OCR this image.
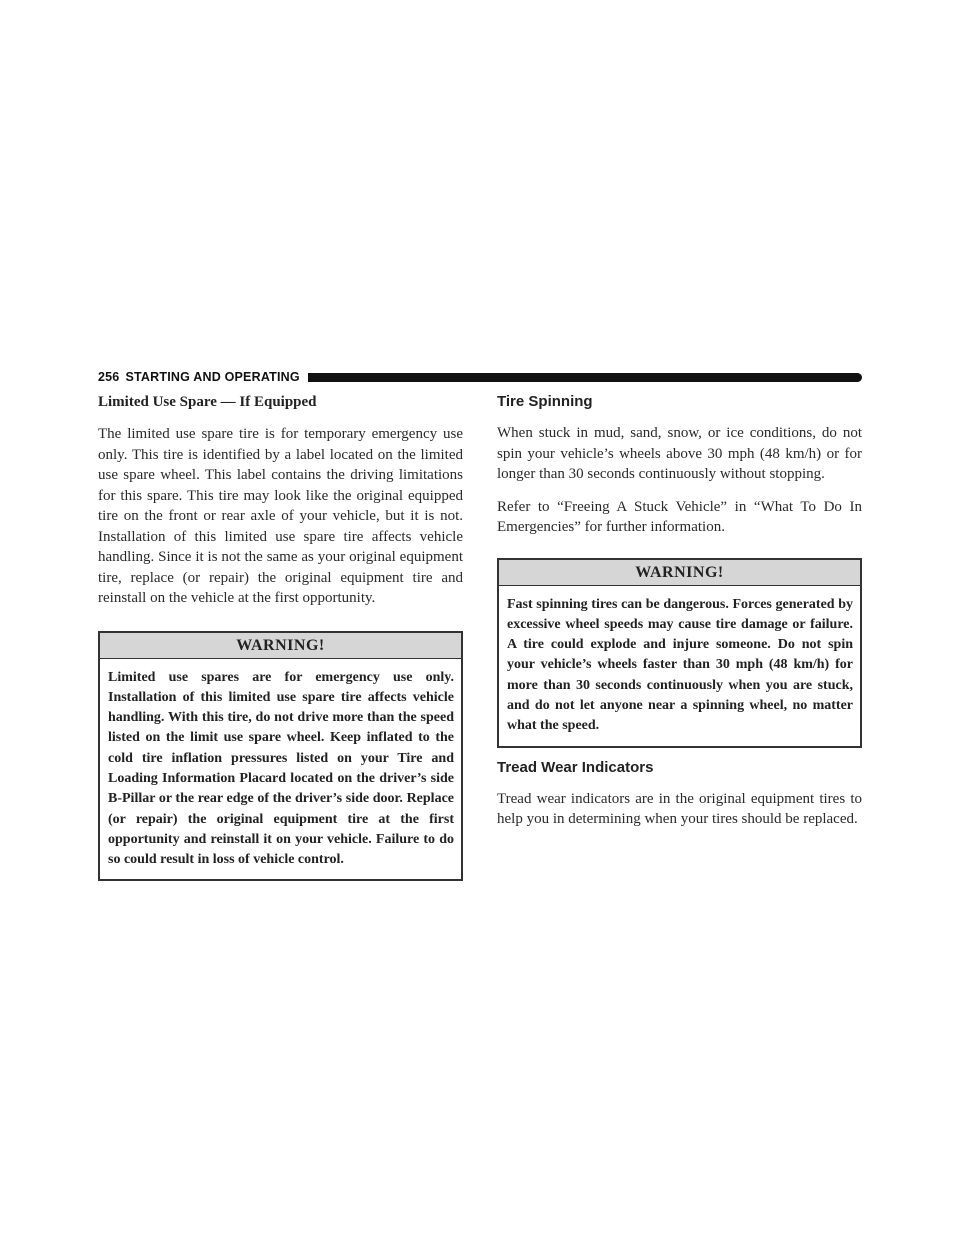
256 STARTING AND OPERATING
Limited Use Spare — If Equipped

The limited use spare tire is for temporary emergency use only. This tire is identified by a label located on the limited use spare wheel. This label contains the driving limitations for this spare. This tire may look like the original equipped tire on the front or rear axle of your vehicle, but it is not. Installation of this limited use spare tire affects vehicle handling. Since it is not the same as your original equipment tire, replace (or repair) the original equipment tire and reinstall on the vehicle at the first opportunity.

WARNING!

Limited use spares are for emergency use only. Installation of this limited use spare tire affects vehicle handling. With this tire, do not drive more than the speed listed on the limit use spare wheel. Keep inflated to the cold tire inflation pressures listed on your Tire and Loading Information Placard located on the driver’s side B-Pillar or the rear edge of the driver’s side door. Replace (or repair) the original equipment tire at the first opportunity and reinstall it on your vehicle. Failure to do so could result in loss of vehicle control.

Tire Spinning

When stuck in mud, sand, snow, or ice conditions, do not spin your vehicle’s wheels above 30 mph (48 km/h) or for longer than 30 seconds continuously without stopping.

Refer to “Freeing A Stuck Vehicle” in “What To Do In Emergencies” for further information.

WARNING!

Fast spinning tires can be dangerous. Forces generated by excessive wheel speeds may cause tire damage or failure. A tire could explode and injure someone. Do not spin your vehicle’s wheels faster than 30 mph (48 km/h) for more than 30 seconds continuously when you are stuck, and do not let anyone near a spinning wheel, no matter what the speed.

Tread Wear Indicators

Tread wear indicators are in the original equipment tires to help you in determining when your tires should be replaced.
